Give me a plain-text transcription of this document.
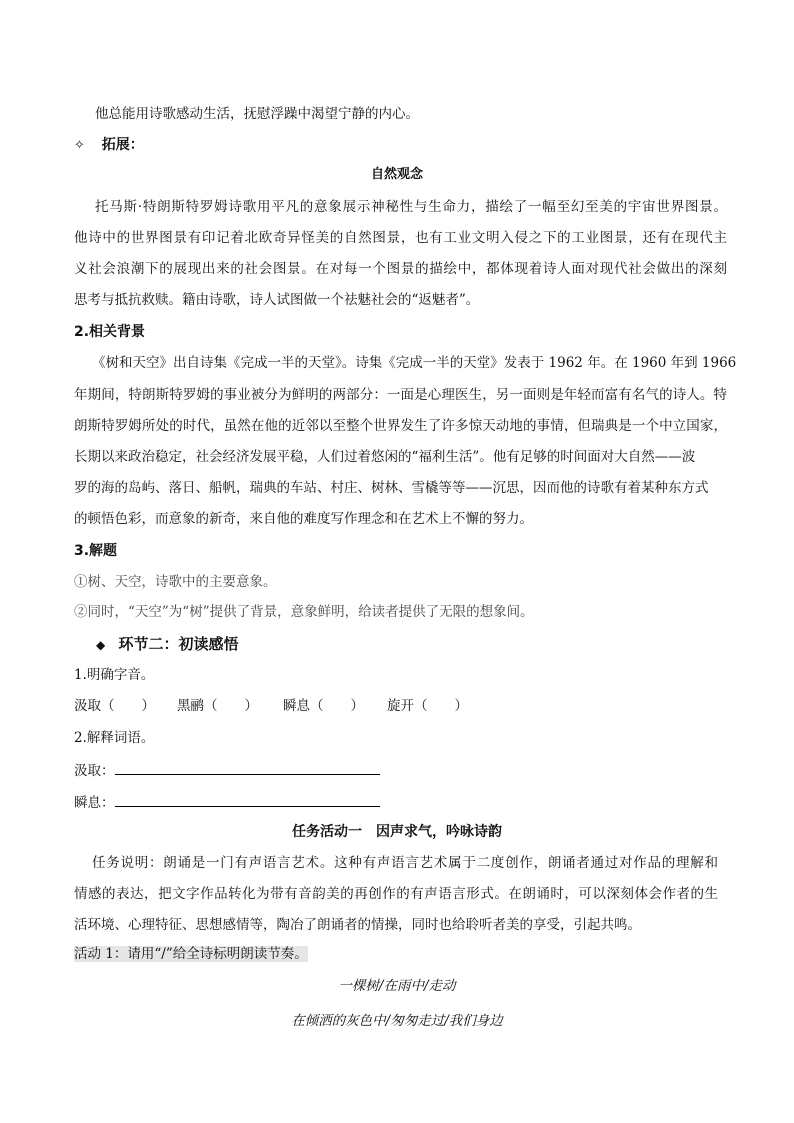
他总能用诗歌感动生活，抚慰浮躁中渴望宁静的内心。
✧ 拓展：
自然观念
托马斯·特朗斯特罗姆诗歌用平凡的意象展示神秘性与生命力，描绘了一幅至幻至美的宇宙世界图景。
他诗中的世界图景有印记着北欧奇异怪美的自然图景，也有工业文明入侵之下的工业图景，还有在现代主
义社会浪潮下的展现出来的社会图景。在对每一个图景的描绘中，都体现着诗人面对现代社会做出的深刻
思考与抵抗救赎。籍由诗歌，诗人试图做一个祛魅社会的“返魅者”。
2.相关背景
《树和天空》出自诗集《完成一半的天堂》。诗集《完成一半的天堂》发表于 1962 年。在 1960 年到 1966
年期间，特朗斯特罗姆的事业被分为鲜明的两部分：一面是心理医生，另一面则是年轻而富有名气的诗人。特
朗斯特罗姆所处的时代，虽然在他的近邻以至整个世界发生了许多惊天动地的事情，但瑞典是一个中立国家，
长期以来政治稳定，社会经济发展平稳，人们过着悠闲的“福利生活”。他有足够的时间面对大自然——波
罗的海的岛屿、落日、船帆，瑞典的车站、村庄、树林、雪橇等等——沉思，因而他的诗歌有着某种东方式
的顿悟色彩，而意象的新奇，来自他的难度写作理念和在艺术上不懈的努力。
3.解题
①树、天空，诗歌中的主要意象。
②同时，“天空”为“树”提供了背景，意象鲜明，给读者提供了无限的想象间。
◆ 环节二：初读感悟
1.明确字音。
汲取（　　） 黑鹂（　　） 瞬息（　　） 旋开（　　）
2.解释词语。
汲取：
瞬息：
任务活动一　因声求气，吟咏诗韵
任务说明：朗诵是一门有声语言艺术。这种有声语言艺术属于二度创作，朗诵者通过对作品的理解和
情感的表达，把文字作品转化为带有音韵美的再创作的有声语言形式。在朗诵时，可以深刻体会作者的生
活环境、心理特征、思想感情等，陶冶了朗诵者的情操，同时也给聆听者美的享受，引起共鸣。
活动 1：请用“/”给全诗标明朗读节奏。
一棵树/在雨中/走动
在倾洒的灰色中/匆匆走过/我们身边
